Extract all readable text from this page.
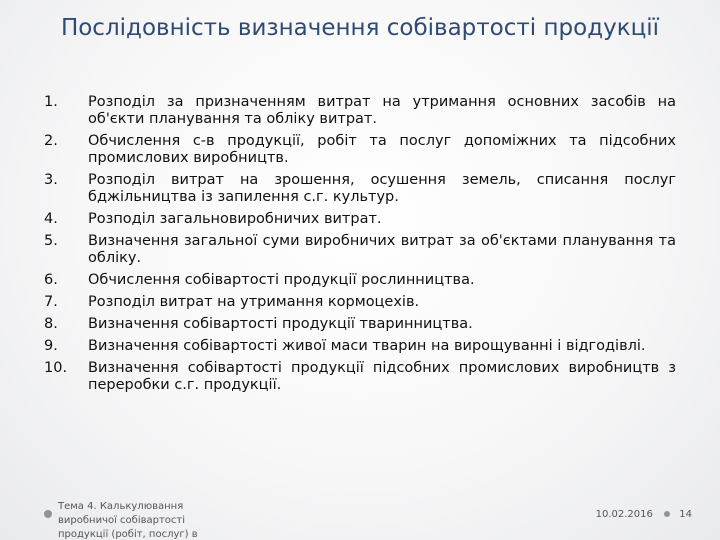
Послідовність визначення собівартості продукції
1. Розподіл за призначенням витрат на утримання основних засобів на об'єкти планування та обліку витрат.
2. Обчислення с-в продукції, робіт та послуг допоміжних та підсобних промислових виробництв.
3. Розподіл витрат на зрошення, осушення земель, списання послуг бджільництва із запилення с.г. культур.
4. Розподіл загальновиробничих витрат.
5. Визначення загальної суми виробничих витрат за об'єктами планування та обліку.
6. Обчислення собівартості продукції рослинництва.
7. Розподіл витрат на утримання кормоцехів.
8. Визначення собівартості продукції тваринництва.
9. Визначення собівартості живої маси тварин на вирощуванні і відгодівлі.
10. Визначення собівартості продукції підсобних промислових виробництв з переробки с.г. продукції.
Тема 4. Калькулювання виробничої собівартості продукції (робіт, послуг) в
10.02.2016	14
